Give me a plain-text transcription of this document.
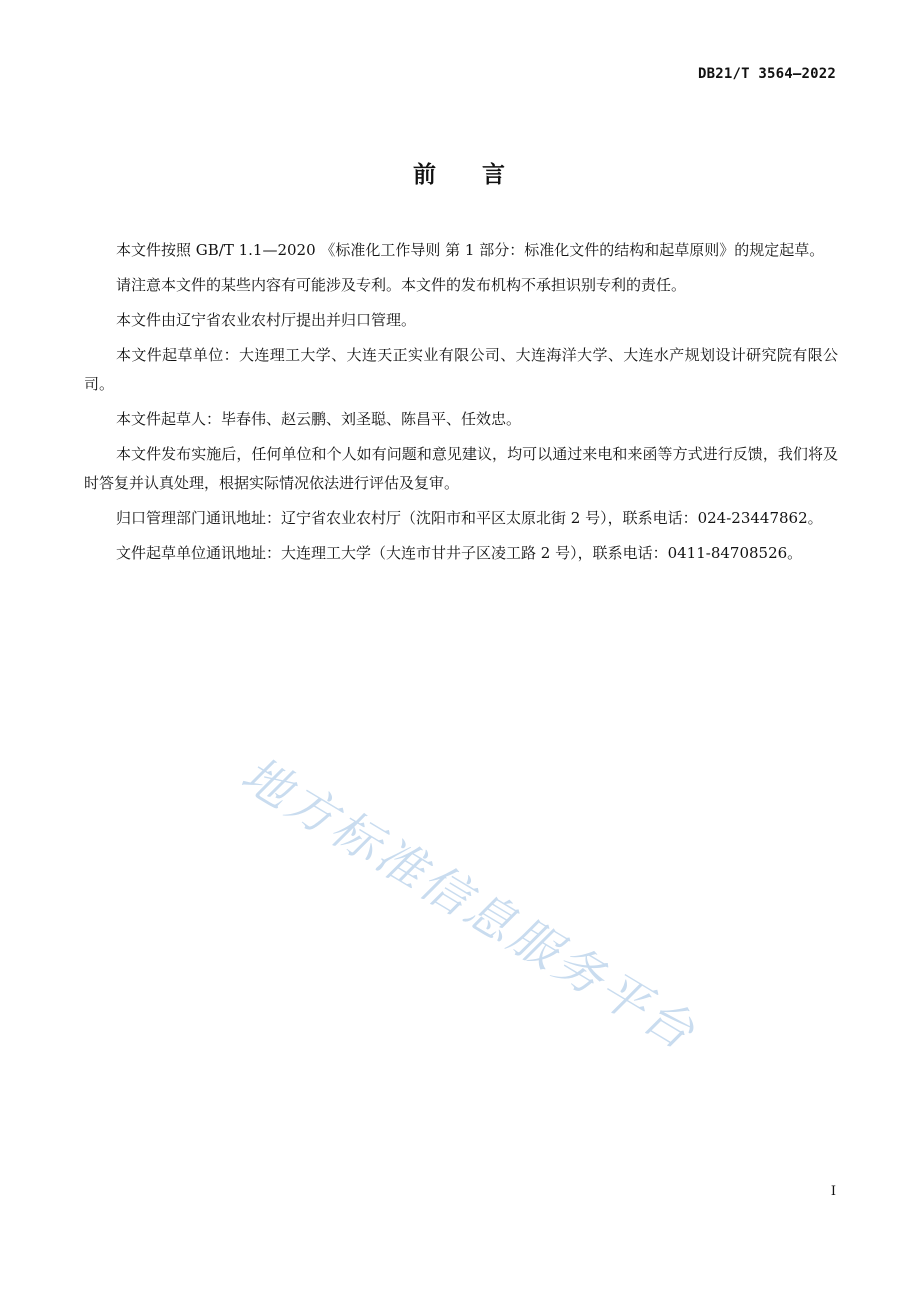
DB21/T 3564—2022
前 言

本文件按照 GB/T 1.1—2020 《标准化工作导则 第 1 部分：标准化文件的结构和起草原则》的规定起草。

请注意本文件的某些内容有可能涉及专利。本文件的发布机构不承担识别专利的责任。

本文件由辽宁省农业农村厅提出并归口管理。

本文件起草单位：大连理工大学、大连天正实业有限公司、大连海洋大学、大连水产规划设计研究院有限公司。

本文件起草人：毕春伟、赵云鹏、刘圣聪、陈昌平、任效忠。

本文件发布实施后，任何单位和个人如有问题和意见建议，均可以通过来电和来函等方式进行反馈，我们将及时答复并认真处理，根据实际情况依法进行评估及复审。

归口管理部门通讯地址：辽宁省农业农村厅（沈阳市和平区太原北街 2 号），联系电话：024-23447862。

文件起草单位通讯地址：大连理工大学（大连市甘井子区凌工路 2 号），联系电话：0411-84708526。

地方标准信息服务平台
I
